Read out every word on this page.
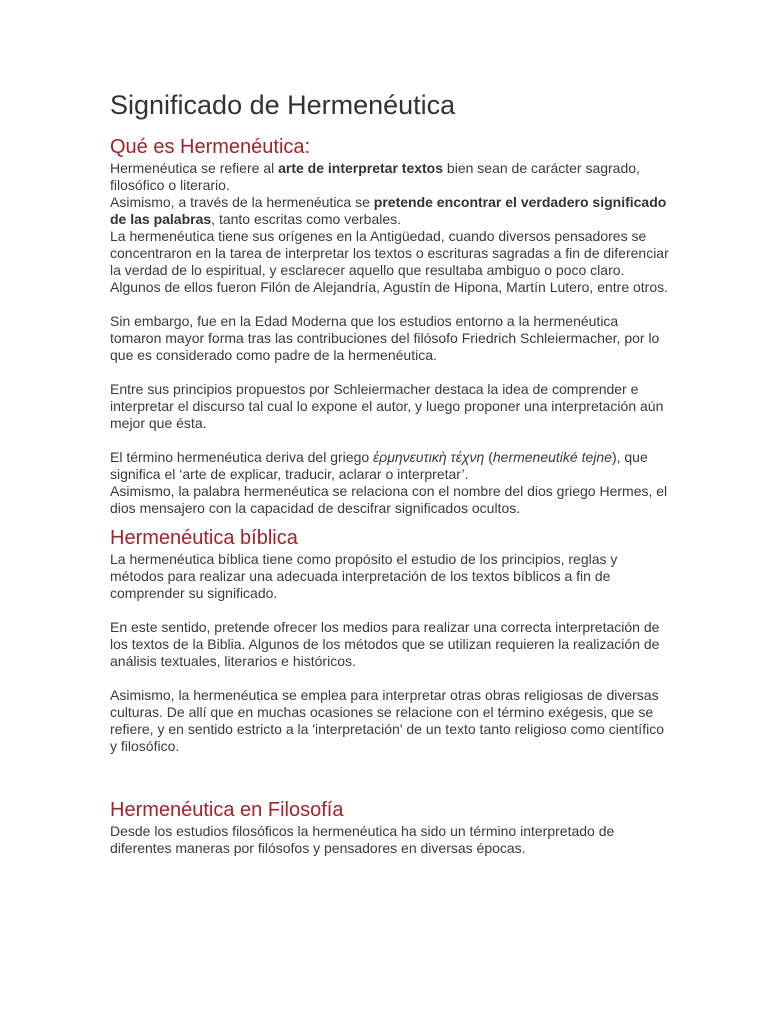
Significado de Hermenéutica
Qué es Hermenéutica:

Hermenéutica se refiere al arte de interpretar textos bien sean de carácter sagrado, filosófico o literario.

Asimismo, a través de la hermenéutica se pretende encontrar el verdadero significado de las palabras, tanto escritas como verbales.

La hermenéutica tiene sus orígenes en la Antigüedad, cuando diversos pensadores se concentraron en la tarea de interpretar los textos o escrituras sagradas a fin de diferenciar la verdad de lo espiritual, y esclarecer aquello que resultaba ambiguo o poco claro. Algunos de ellos fueron Filón de Alejandría, Agustín de Hipona, Martín Lutero, entre otros.

Sin embargo, fue en la Edad Moderna que los estudios entorno a la hermenéutica tomaron mayor forma tras las contribuciones del filósofo Friedrich Schleiermacher, por lo que es considerado como padre de la hermenéutica.

Entre sus principios propuestos por Schleiermacher destaca la idea de comprender e interpretar el discurso tal cual lo expone el autor, y luego proponer una interpretación aún mejor que ésta.

El término hermenéutica deriva del griego ἑρμηνευτικὴ τέχνη (hermeneutiké tejne), que significa el ‘arte de explicar, traducir, aclarar o interpretar’.

Asimismo, la palabra hermenéutica se relaciona con el nombre del dios griego Hermes, el dios mensajero con la capacidad de descifrar significados ocultos.

Hermenéutica bíblica

La hermenéutica bíblica tiene como propósito el estudio de los principios, reglas y métodos para realizar una adecuada interpretación de los textos bíblicos a fin de comprender su significado.

En este sentido, pretende ofrecer los medios para realizar una correcta interpretación de los textos de la Biblia. Algunos de los métodos que se utilizan requieren la realización de análisis textuales, literarios e históricos.

Asimismo, la hermenéutica se emplea para interpretar otras obras religiosas de diversas culturas. De allí que en muchas ocasiones se relacione con el término exégesis, que se refiere, y en sentido estricto a la 'interpretación' de un texto tanto religioso como científico y filosófico.

Hermenéutica en Filosofía

Desde los estudios filosóficos la hermenéutica ha sido un término interpretado de diferentes maneras por filósofos y pensadores en diversas épocas.
